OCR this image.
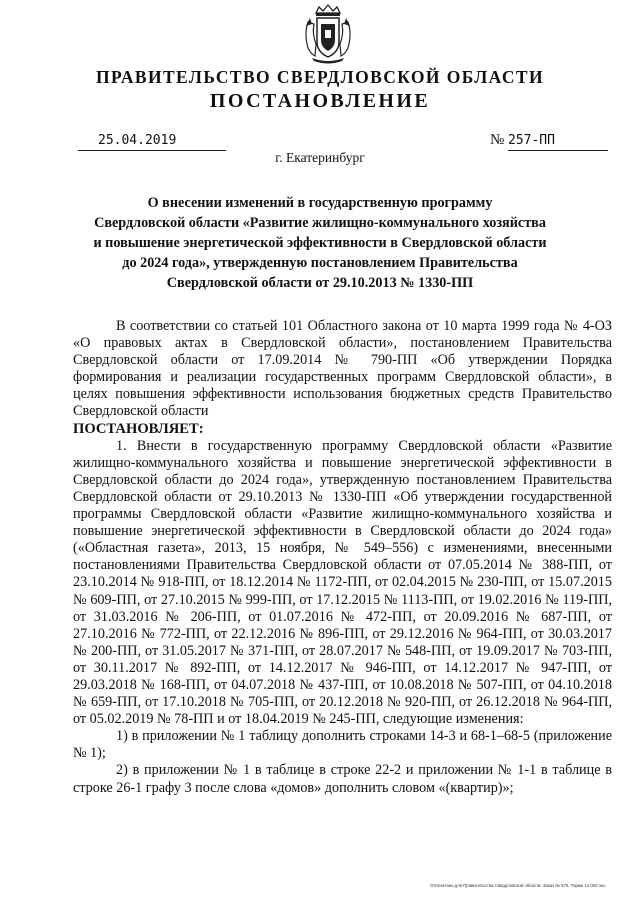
ПРАВИТЕЛЬСТВО СВЕРДЛОВСКОЙ ОБЛАСТИ
ПОСТАНОВЛЕНИЕ
25.04.2019	№ 257-ПП
г. Екатеринбург
О внесении изменений в государственную программу
Свердловской области «Развитие жилищно-коммунального хозяйства
и повышение энергетической эффективности в Свердловской области
до 2024 года», утвержденную постановлением Правительства
Свердловской области от 29.10.2013 № 1330-ПП

В соответствии со статьей 101 Областного закона от 10 марта 1999 года № 4-ОЗ «О правовых актах в Свердловской области», постановлением Правительства Свердловской области от 17.09.2014 № 790-ПП «Об утверждении Порядка формирования и реализации государственных программ Свердловской области», в целях повышения эффективности использования бюджетных средств Правительство Свердловской области

ПОСТАНОВЛЯЕТ:

1. Внести в государственную программу Свердловской области «Развитие жилищно-коммунального хозяйства и повышение энергетической эффективности в Свердловской области до 2024 года», утвержденную постановлением Правительства Свердловской области от 29.10.2013 № 1330-ПП «Об утверждении государственной программы Свердловской области «Развитие жилищно-коммунального хозяйства и повышение энергетической эффективности в Свердловской области до 2024 года» («Областная газета», 2013, 15 ноября, № 549–556) с изменениями, внесенными постановлениями Правительства Свердловской области от 07.05.2014 № 388-ПП, от 23.10.2014 № 918-ПП, от 18.12.2014 № 1172-ПП, от 02.04.2015 № 230-ПП, от 15.07.2015 № 609-ПП, от 27.10.2015 № 999-ПП, от 17.12.2015 № 1113-ПП, от 19.02.2016 № 119-ПП, от 31.03.2016 № 206-ПП, от 01.07.2016 № 472-ПП, от 20.09.2016 № 687-ПП, от 27.10.2016 № 772-ПП, от 22.12.2016 № 896-ПП, от 29.12.2016 № 964-ПП, от 30.03.2017 № 200-ПП, от 31.05.2017 № 371-ПП, от 28.07.2017 № 548-ПП, от 19.09.2017 № 703-ПП, от 30.11.2017 № 892-ПП, от 14.12.2017 № 946-ПП, от 14.12.2017 № 947-ПП, от 29.03.2018 № 168-ПП, от 04.07.2018 № 437-ПП, от 10.08.2018 № 507-ПП, от 04.10.2018 № 659-ПП, от 17.10.2018 № 705-ПП, от 20.12.2018 № 920-ПП, от 26.12.2018 № 964-ПП, от 05.02.2019 № 78-ПП и от 18.04.2019 № 245-ПП, следующие изменения:

1) в приложении № 1 таблицу дополнить строками 14-3 и 68-1–68-5 (приложение № 1);

2) в приложении № 1 в таблице в строке 22-2 и приложении № 1-1 в таблице в строке 26-1 графу 3 после слова «домов» дополнить словом «(квартир)»;

Отпечатано для Правительства Свердловской области. Заказ № 575. Тираж 14 000 экз.
